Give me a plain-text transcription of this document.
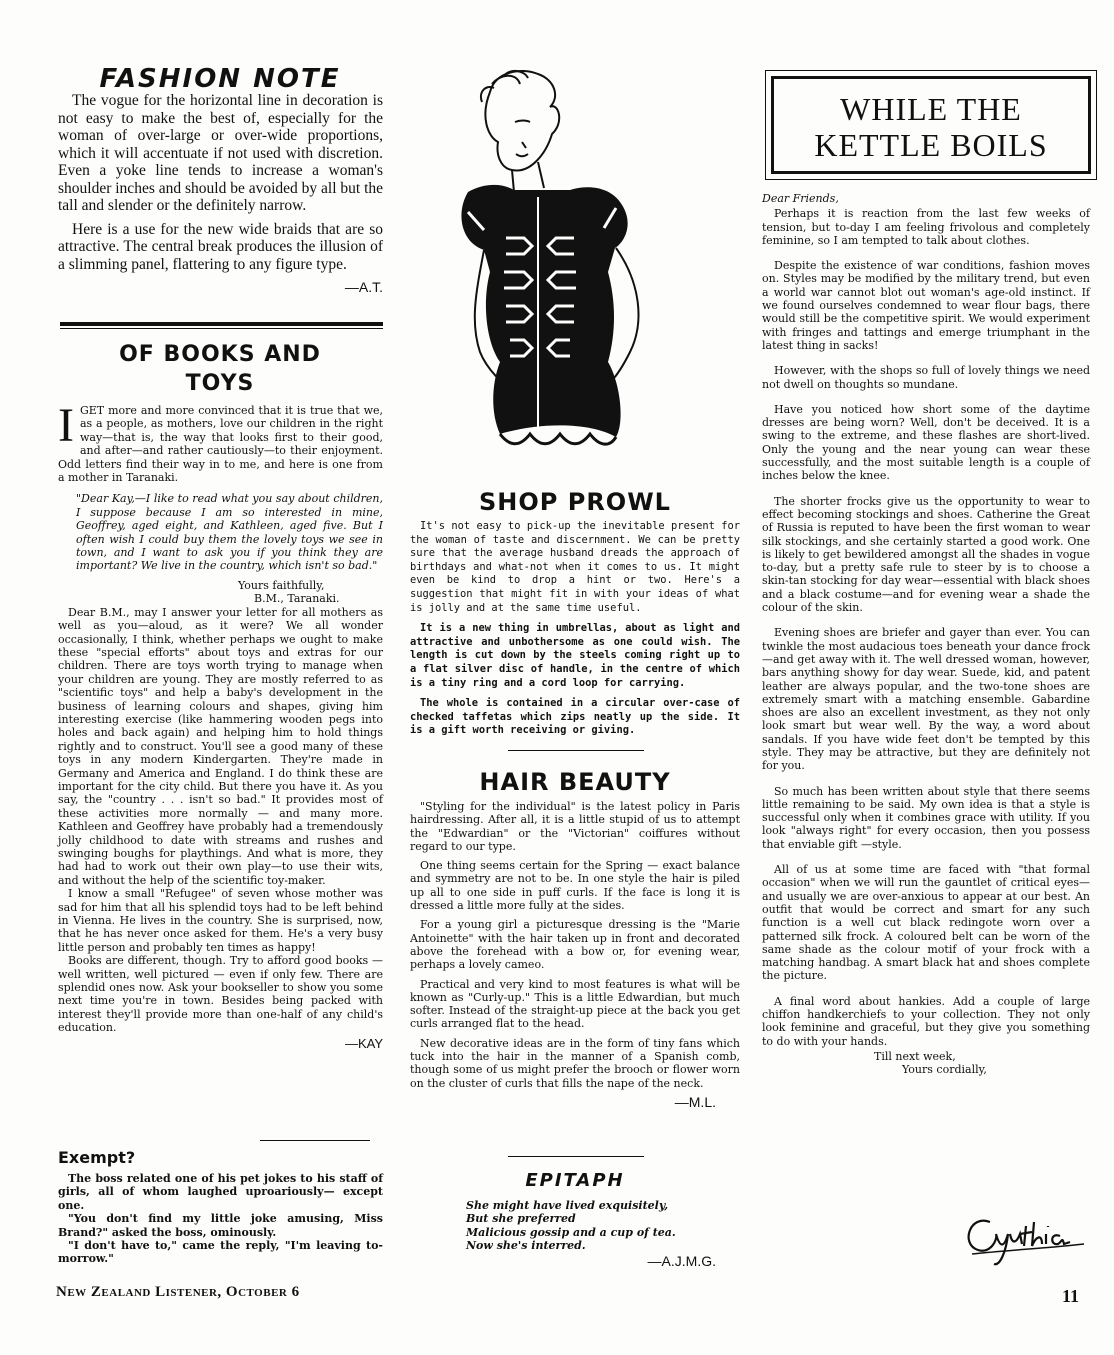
FASHION NOTE

The vogue for the horizontal line in decoration is not easy to make the best of, especially for the woman of over-large or over-wide proportions, which it will accentuate if not used with discretion. Even a yoke line tends to increase a woman's shoulder inches and should be avoided by all but the tall and slender or the definitely narrow.

Here is a use for the new wide braids that are so attractive. The central break produces the illusion of a slimming panel, flattering to any figure type.

—A.T.
OF BOOKS AND
TOYS

IGET more and more convinced that it is true that we, as a people, as mothers, love our children in the right way—that is, the way that looks first to their good, and after—and rather cautiously—to their enjoyment. Odd letters find their way in to me, and here is one from a mother in Taranaki.

"Dear Kay,—I like to read what you say about children, I suppose because I am so interested in mine, Geoffrey, aged eight, and Kathleen, aged five. But I often wish I could buy them the lovely toys we see in town, and I want to ask you if you think they are important? We live in the country, which isn't so bad."

Yours faithfully,

B.M., Taranaki.

Dear B.M., may I answer your letter for all mothers as well as you—aloud, as it were? We all wonder occasionally, I think, whether perhaps we ought to make these "special efforts" about toys and extras for our children. There are toys worth trying to manage when your children are young. They are mostly referred to as "scientific toys" and help a baby's development in the business of learning colours and shapes, giving him interesting exercise (like hammering wooden pegs into holes and back again) and helping him to hold things rightly and to construct. You'll see a good many of these toys in any modern Kindergarten. They're made in Germany and America and England. I do think these are important for the city child. But there you have it. As you say, the "country . . . isn't so bad." It provides most of these activities more normally — and many more. Kathleen and Geoffrey have probably had a tremendously jolly childhood to date with streams and rushes and swinging boughs for playthings. And what is more, they had had to work out their own play—to use their wits, and without the help of the scientific toy-maker.

I know a small "Refugee" of seven whose mother was sad for him that all his splendid toys had to be left behind in Vienna. He lives in the country. She is surprised, now, that he has never once asked for them. He's a very busy little person and probably ten times as happy!

Books are different, though. Try to afford good books — well written, well pictured — even if only few. There are splendid ones now. Ask your bookseller to show you some next time you're in town. Besides being packed with interest they'll provide more than one-half of any child's education.

—KAY
Exempt?

The boss related one of his pet jokes to his staff of girls, all of whom laughed uproariously— except one.

"You don't find my little joke amusing, Miss Brand?" asked the boss, ominously.

"I don't have to," came the reply, "I'm leaving to-morrow."

SHOP PROWL

It's not easy to pick-up the inevitable present for the woman of taste and discernment. We can be pretty sure that the average husband dreads the approach of birthdays and what-not when it comes to us. It might even be kind to drop a hint or two. Here's a suggestion that might fit in with your ideas of what is jolly and at the same time useful.

It is a new thing in umbrellas, about as light and attractive and unbothersome as one could wish. The length is cut down by the steels coming right up to a flat silver disc of handle, in the centre of which is a tiny ring and a cord loop for carrying.

The whole is contained in a circular over-case of checked taffetas which zips neatly up the side. It is a gift worth receiving or giving.

HAIR BEAUTY

"Styling for the individual" is the latest policy in Paris hairdressing. After all, it is a little stupid of us to attempt the "Edwardian" or the "Victorian" coiffures without regard to our type.

One thing seems certain for the Spring — exact balance and symmetry are not to be. In one style the hair is piled up all to one side in puff curls. If the face is long it is dressed a little more fully at the sides.

For a young girl a picturesque dressing is the "Marie Antoinette" with the hair taken up in front and decorated above the forehead with a bow or, for evening wear, perhaps a lovely cameo.

Practical and very kind to most features is what will be known as "Curly-up." This is a little Edwardian, but much softer. Instead of the straight-up piece at the back you get curls arranged flat to the head.

New decorative ideas are in the form of tiny fans which tuck into the hair in the manner of a Spanish comb, though some of us might prefer the brooch or flower worn on the cluster of curls that fills the nape of the neck.

—M.L.
EPITAPH
She might have lived exquisitely,
But she preferred
Malicious gossip and a cup of tea.
Now she's interred.
—A.J.M.G.
WHILE THE
KETTLE BOILS

Dear Friends,

Perhaps it is reaction from the last few weeks of tension, but to-day I am feeling frivolous and completely feminine, so I am tempted to talk about clothes.

Despite the existence of war conditions, fashion moves on. Styles may be modified by the military trend, but even a world war cannot blot out woman's age-old instinct. If we found ourselves condemned to wear flour bags, there would still be the competitive spirit. We would experiment with fringes and tattings and emerge triumphant in the latest thing in sacks!

However, with the shops so full of lovely things we need not dwell on thoughts so mundane.

Have you noticed how short some of the daytime dresses are being worn? Well, don't be deceived. It is a swing to the extreme, and these flashes are short-lived. Only the young and the near young can wear these successfully, and the most suitable length is a couple of inches below the knee.

The shorter frocks give us the opportunity to wear to effect becoming stockings and shoes. Catherine the Great of Russia is reputed to have been the first woman to wear silk stockings, and she certainly started a good work. One is likely to get bewildered amongst all the shades in vogue to-day, but a pretty safe rule to steer by is to choose a skin-tan stocking for day wear—essential with black shoes and a black costume—and for evening wear a shade the colour of the skin.

Evening shoes are briefer and gayer than ever. You can twinkle the most audacious toes beneath your dance frock—and get away with it. The well dressed woman, however, bars anything showy for day wear. Suede, kid, and patent leather are always popular, and the two-tone shoes are extremely smart with a matching ensemble. Gabardine shoes are also an excellent investment, as they not only look smart but wear well. By the way, a word about sandals. If you have wide feet don't be tempted by this style. They may be attractive, but they are definitely not for you.

So much has been written about style that there seems little remaining to be said. My own idea is that a style is successful only when it combines grace with utility. If you look "always right" for every occasion, then you possess that enviable gift —style.

All of us at some time are faced with "that formal occasion" when we will run the gauntlet of critical eyes—and usually we are over-anxious to appear at our best. An outfit that would be correct and smart for any such function is a well cut black redingote worn over a patterned silk frock. A coloured belt can be worn of the same shade as the colour motif of your frock with a matching handbag. A smart black hat and shoes complete the picture.

A final word about hankies. Add a couple of large chiffon handkerchiefs to your collection. They not only look feminine and graceful, but they give you something to do with your hands.

Till next week,

Yours cordially,

New Zealand Listener, October 6	11
